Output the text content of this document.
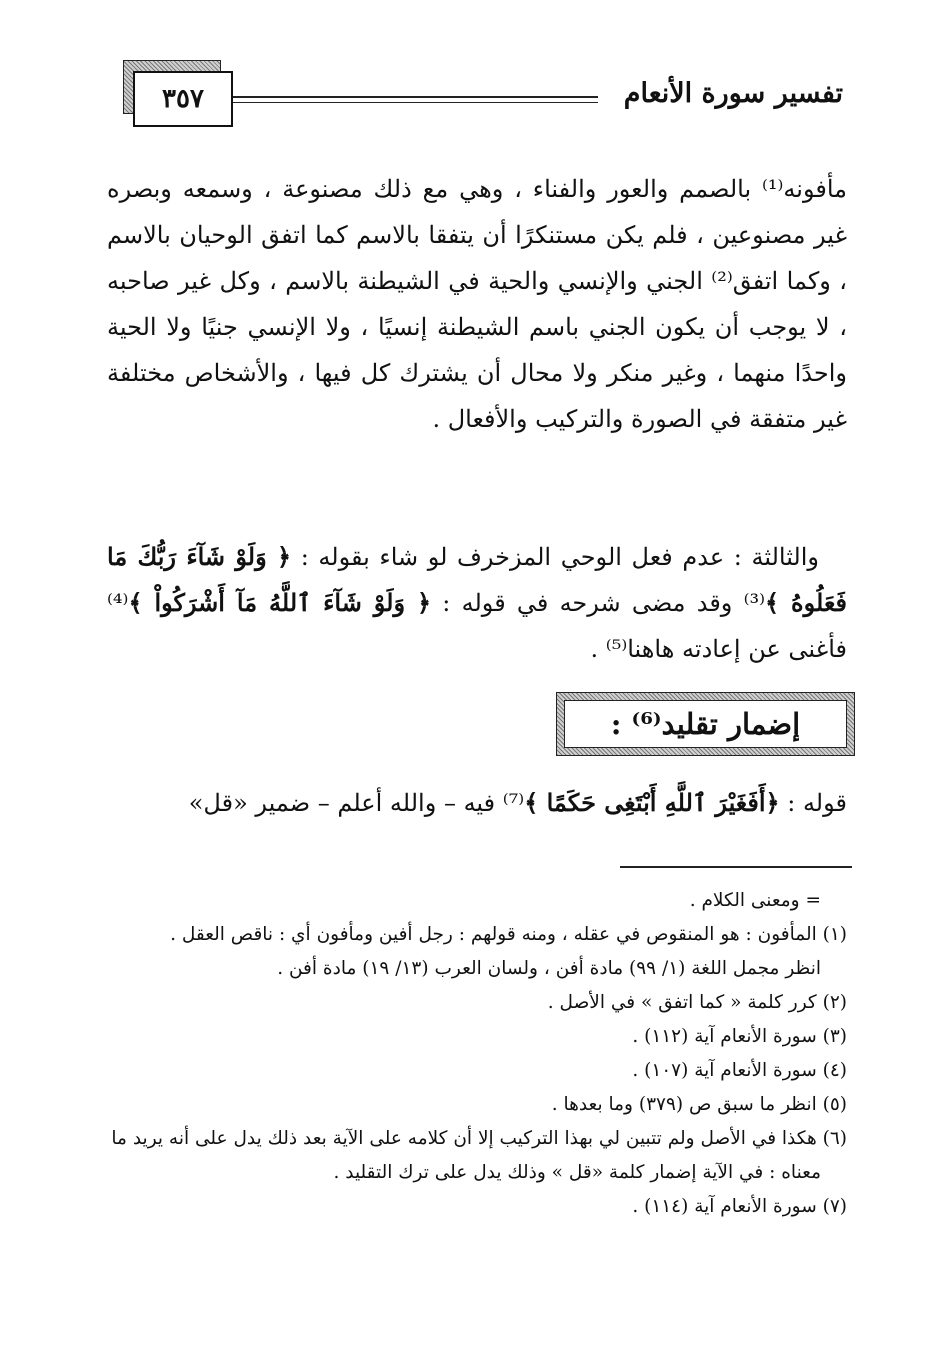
تفسير سورة الأنعام
٣٥٧

مأفونه⁽¹⁾ بالصمم والعور والفناء ، وهي مع ذلك مصنوعة ، وسمعه وبصره غير مصنوعين ، فلم يكن مستنكرًا أن يتفقا بالاسم كما اتفق الوحيان بالاسم ، وكما اتفق⁽²⁾ الجني والإنسي والحية في الشيطنة بالاسم ، وكل غير صاحبه ، لا يوجب أن يكون الجني باسم الشيطنة إنسيًا ، ولا الإنسي جنيًا ولا الحية واحدًا منهما ، وغير منكر ولا محال أن يشترك كل فيها ، والأشخاص مختلفة غير متفقة في الصورة والتركيب والأفعال .

والثالثة : عدم فعل الوحي المزخرف لو شاء بقوله : ﴿ وَلَوْ شَآءَ رَبُّكَ مَا فَعَلُوهُ ﴾⁽³⁾ وقد مضى شرحه في قوله : ﴿ وَلَوْ شَآءَ ٱللَّهُ مَآ أَشْرَكُواْ ﴾⁽⁴⁾ فأغنى عن إعادته هاهنا⁽⁵⁾ .

إضمار تقليد⁽⁶⁾ :

قوله : ﴿أَفَغَيْرَ ٱللَّهِ أَبْتَغِى حَكَمًا ﴾⁽⁷⁾ فيه – والله أعلم – ضمير «قل»

= ومعنى الكلام .

(١) المأفون : هو المنقوص في عقله ، ومنه قولهم : رجل أفين ومأفون أي : ناقص العقل .

انظر مجمل اللغة (١/ ٩٩) مادة أفن ، ولسان العرب (١٣/ ١٩) مادة أفن .

(٢) كرر كلمة « كما اتفق » في الأصل .

(٣) سورة الأنعام آية (١١٢) .

(٤) سورة الأنعام آية (١٠٧) .

(٥) انظر ما سبق ص (٣٧٩) وما بعدها .

(٦) هكذا في الأصل ولم تتبين لي بهذا التركيب إلا أن كلامه على الآية بعد ذلك يدل على أنه يريد ما معناه : في الآية إضمار كلمة «قل » وذلك يدل على ترك التقليد .

(٧) سورة الأنعام آية (١١٤) .
